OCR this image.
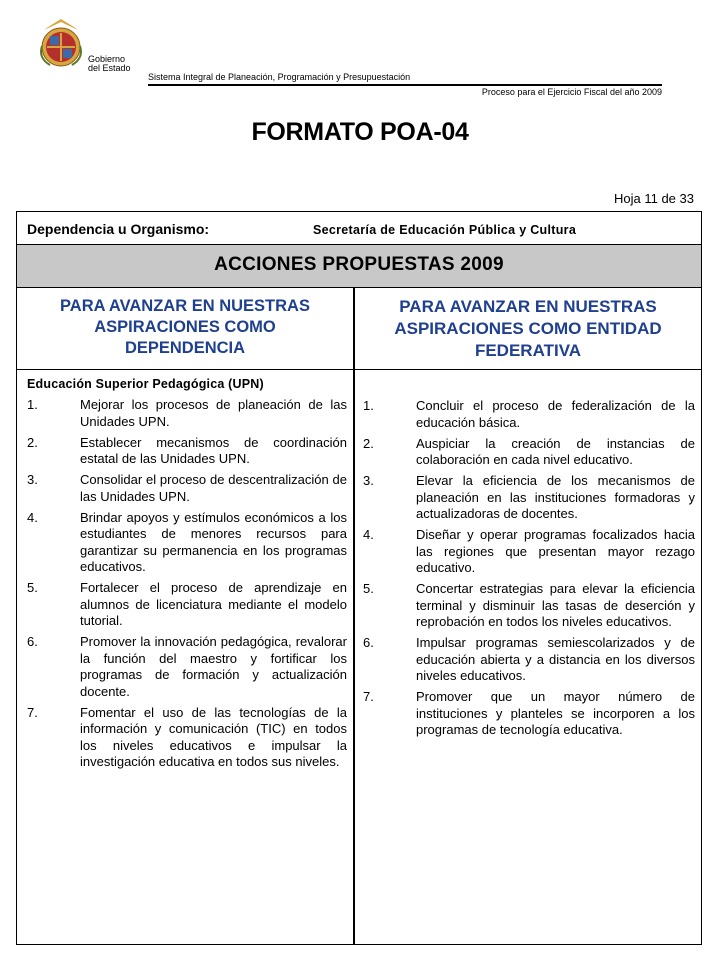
Gobierno
del Estado
Sistema Integral de Planeación, Programación y Presupuestación
Proceso para el Ejercicio Fiscal del año 2009
FORMATO POA-04
Hoja 11 de 33
Dependencia u Organismo:	Secretaría de Educación Pública y Cultura
ACCIONES PROPUESTAS 2009
PARA AVANZAR EN NUESTRAS ASPIRACIONES COMO DEPENDENCIA
PARA AVANZAR EN NUESTRAS ASPIRACIONES COMO ENTIDAD FEDERATIVA
Educación Superior Pedagógica (UPN)
1.	Mejorar los procesos de planeación de las Unidades UPN.
2.	Establecer mecanismos de coordinación estatal de las Unidades UPN.
3.	Consolidar el proceso de descentralización de las Unidades UPN.
4.	Brindar apoyos y estímulos económicos a los estudiantes de menores recursos para garantizar su permanencia en los programas educativos.
5.	Fortalecer el proceso de aprendizaje en alumnos de licenciatura mediante el modelo tutorial.
6.	Promover la innovación pedagógica, revalorar la función del maestro y fortificar los programas de formación y actualización docente.
7.	Fomentar el uso de las tecnologías de la información y comunicación (TIC) en todos los niveles educativos e impulsar la investigación educativa en todos sus niveles.
1.	Concluir el proceso de federalización de la educación básica.
2.	Auspiciar la creación de instancias de colaboración en cada nivel educativo.
3.	Elevar la eficiencia de los mecanismos de planeación en las instituciones formadoras y actualizadoras de docentes.
4.	Diseñar y operar programas focalizados hacia las regiones que presentan mayor rezago educativo.
5.	Concertar estrategias para elevar la eficiencia terminal y disminuir las tasas de deserción y reprobación en todos los niveles educativos.
6.	Impulsar programas semiescolarizados y de educación abierta y a distancia en los diversos niveles educativos.
7.	Promover que un mayor número de instituciones y planteles se incorporen a los programas de tecnología educativa.
